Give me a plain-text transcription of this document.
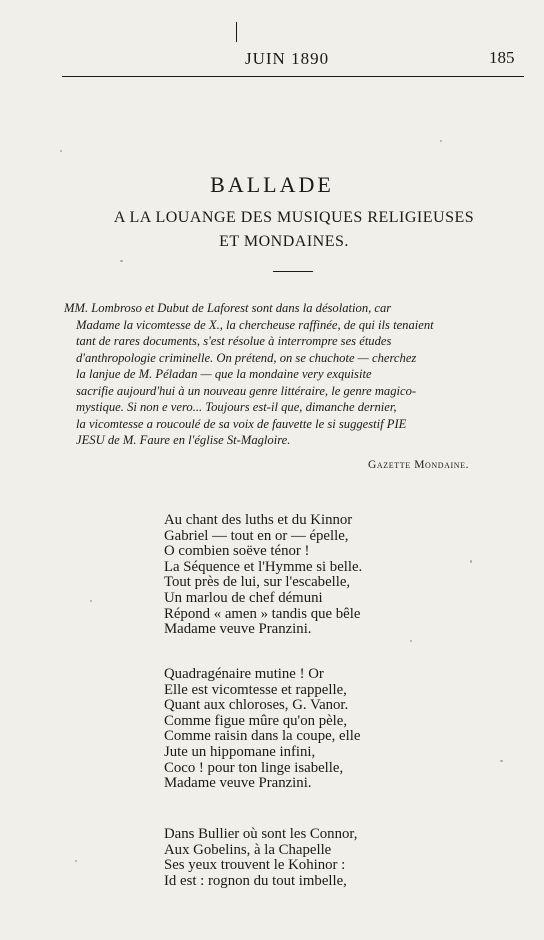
JUIN 1890	185
BALLADE
A LA LOUANGE DES MUSIQUES RELIGIEUSES
ET MONDAINES.
MM. Lombroso et Dubut de Laforest sont dans la désolation, car
Madame la vicomtesse de X., la chercheuse raffinée, de qui ils tenaient
tant de rares documents, s'est résolue à interrompre ses études
d'anthropologie criminelle. On prétend, on se chuchote — cherchez
la lanjue de M. Péladan — que la mondaine very exquisite
sacrifie aujourd'hui à un nouveau genre littéraire, le genre magico-
mystique. Si non e vero... Toujours est-il que, dimanche dernier,
la vicomtesse a roucoulé de sa voix de fauvette le si suggestif PIE
JESU de M. Faure en l'église St-Magloire.
Gazette Mondaine.
Au chant des luths et du Kinnor
Gabriel — tout en or — épelle,
O combien soëve ténor !
La Séquence et l'Hymme si belle.
Tout près de lui, sur l'escabelle,
Un marlou de chef démuni
Répond « amen » tandis que bêle
Madame veuve Pranzini.
Quadragénaire mutine ! Or
Elle est vicomtesse et rappelle,
Quant aux chloroses, G. Vanor.
Comme figue mûre qu'on pèle,
Comme raisin dans la coupe, elle
Jute un hippomane infini,
Coco ! pour ton linge isabelle,
Madame veuve Pranzini.
Dans Bullier où sont les Connor,
Aux Gobelins, à la Chapelle
Ses yeux trouvent le Kohinor :
Id est : rognon du tout imbelle,
